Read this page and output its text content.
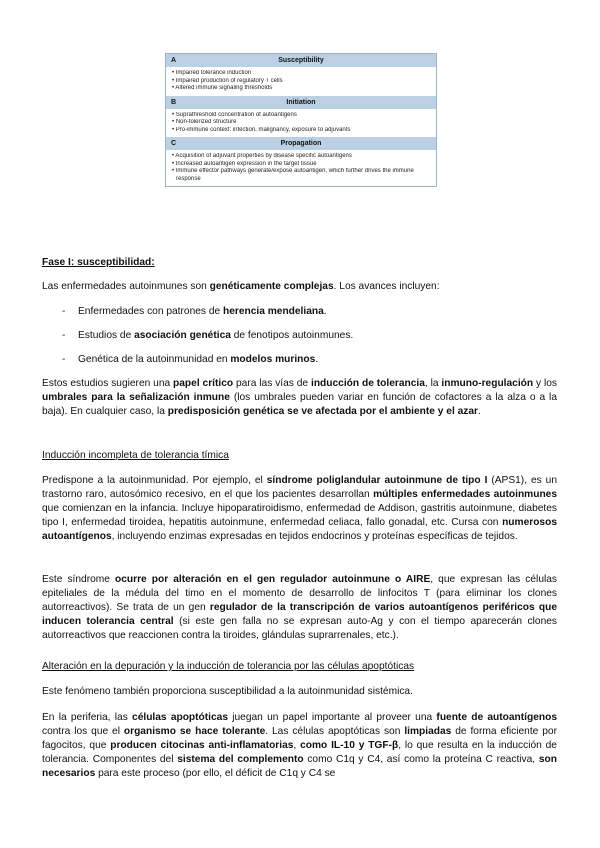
A	Susceptibility
• Impaired tolerance induction
• Impaired production of regulatory T cells
• Altered immune signaling thresholds
B	Initiation
• Suprathreshold concentration of autoantigens
• Non-tolerized structure
• Pro-immune context: infection, malignancy, exposure to adjuvants
C	Propagation
• Acquisition of adjuvant properties by disease specific autoantigens
• Increased autoantigen expression in the target tissue
• Immune effector pathways generate/expose autoantigen, which further drives the immune response
Fase I: susceptibilidad:
Las enfermedades autoinmunes son genéticamente complejas. Los avances incluyen:
- Enfermedades con patrones de herencia mendeliana.
- Estudios de asociación genética de fenotipos autoinmunes.
- Genética de la autoinmunidad en modelos murinos.
Estos estudios sugieren una papel crítico para las vías de inducción de tolerancia, la inmuno-regulación y los umbrales para la señalización inmune (los umbrales pueden variar en función de cofactores a la alza o a la baja). En cualquier caso, la predisposición genética se ve afectada por el ambiente y el azar.
Inducción incompleta de tolerancia tímica
Predispone a la autoinmunidad. Por ejemplo, el síndrome poliglandular autoinmune de tipo I (APS1), es un trastorno raro, autosómico recesivo, en el que los pacientes desarrollan múltiples enfermedades autoinmunes que comienzan en la infancia. Incluye hipoparatiroidismo, enfermedad de Addison, gastritis autoinmune, diabetes tipo I, enfermedad tiroidea, hepatitis autoinmune, enfermedad celiaca, fallo gonadal, etc. Cursa con numerosos autoantígenos, incluyendo enzimas expresadas en tejidos endocrinos y proteínas específicas de tejidos.
Este síndrome ocurre por alteración en el gen regulador autoinmune o AIRE, que expresan las células epiteliales de la médula del timo en el momento de desarrollo de linfocitos T (para eliminar los clones autorreactivos). Se trata de un gen regulador de la transcripción de varios autoantígenos periféricos que inducen tolerancia central (si este gen falla no se expresan auto-Ag y con el tiempo aparecerán clones autorreactivos que reaccionen contra la tiroides, glándulas suprarrenales, etc.).
Alteración en la depuración y la inducción de tolerancia por las células apoptóticas
Este fenómeno también proporciona susceptibilidad a la autoinmunidad sistémica.
En la periferia, las células apoptóticas juegan un papel importante al proveer una fuente de autoantígenos contra los que el organismo se hace tolerante. Las células apoptóticas son limpiadas de forma eficiente por fagocitos, que producen citocinas anti-inflamatorias, como IL-10 y TGF-β, lo que resulta en la inducción de tolerancia. Componentes del sistema del complemento como C1q y C4, así como la proteína C reactiva, son necesarios para este proceso (por ello, el déficit de C1q y C4 se
